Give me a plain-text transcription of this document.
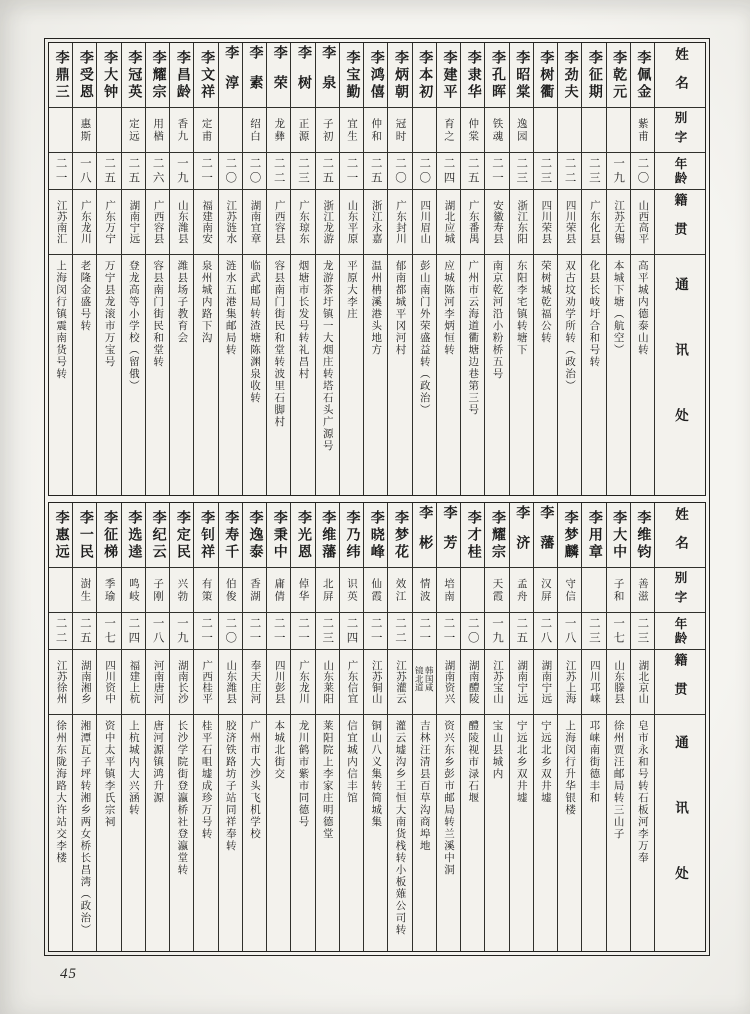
姓名
别字
年龄
籍贯
通讯处
李佩金
紫甫
二〇
山西高平
高平城内德泰山转
李乾元
一九
江苏无锡
本城下塘（航空）
李征期
二三
广东化县
化县长岐圩合和号转
李劲夫
二二
四川荣县
双古坟劝学所转（政治）
李树衢
二三
四川荣县
荣树城乾福公转
李昭棠
逸园
二三
浙江东阳
东阳李宅镇转塘下
李孔晖
铁魂
二一
安徽寿县
南京乾河沿小粉桥五号
李隶华
仲棠
二五
广东番禺
广州市云海道衢塘边巷第三号
李建平
育之
二四
湖北应城
应城陈河李炳恒转
李本初
二〇
四川眉山
彭山南门外荣盛益转（政治）
李炳朝
冠时
二〇
广东封川
郁南都城平冈河村
李鸿僖
仲和
二五
浙江永嘉
温州柟溪港头地方
李宝勤
宜生
二一
山东平原
平原大李庄
李泉
子初
二五
浙江龙游
龙游茶圩镇一大烟庄转塔石头广源号
李树
正源
二三
广东琼东
烟塘市长发号转礼昌村
李荣
龙彝
二二
广西容县
容县南门街民和堂转波里石脚村
李素
绍白
二〇
湖南宜章
临武邮局转渣塘陈渊泉收转
李淳
二〇
江苏涟水
涟水五港集邮局转
李文祥
定甫
二一
福建南安
泉州城内路下沟
李昌龄
香九
一九
山东潍县
潍县场子教育会
李耀宗
用楢
二六
广西容县
容县南门街民和堂转
李冠英
定远
二五
湖南宁远
登龙高等小学校（留俄）
李大钟
二五
广东万宁
万宁县龙滚市万宝号
李受恩
惠斯
一八
广东龙川
老隆金盛号转
李鼎三
二一
江苏南汇
上海闵行镇震南货号转
姓名
别字
年龄
籍贯
通讯处
李维钧
善滋
二三
湖北京山
皂市永和号转石板河李万奉
李大中
子和
一七
山东滕县
徐州贾汪邮局转三山子
李用章
二三
四川邛崃
邛崃南街德丰和
李梦麟
守信
一八
江苏上海
上海闵行升华银楼
李藩
汉屏
二八
湖南宁远
宁远北乡双井墟
李济
孟舟
二五
湖南宁远
宁远北乡双井墟
李耀宗
天霞
一九
江苏宝山
宝山县城内
李才桂
二〇
湖南醴陵
醴陵视市渌石堰
李芳
培南
二一
湖南资兴
资兴东乡彭市邮局转兰溪中洞
李彬
情波
二一
韩国咸镜北道
吉林汪清县百草沟商埠地
李梦花
效江
二二
江苏灌云
灌云墟沟乡王恒大南货栈转小板薙公司转
李晓峰
仙霞
二一
江苏铜山
铜山八义集转简城集
李乃纬
识英
二四
广东信宜
信宜城内信丰馆
李维藩
北屏
二三
山东莱阳
莱阳院上李家庄明德堂
李光恩
倬华
二一
广东龙川
龙川鹤市紫市同德号
李秉中
庸倩
二一
四川彭县
本城北街交
李逸泰
香湖
二一
奉天庄河
广州市大沙头飞机学校
李寿千
伯俊
二〇
山东潍县
胶济铁路坊子站同祥奉转
李钊祥
有策
二一
广西桂平
桂平石咀墟成珍万号转
李定民
兴勃
一九
湖南长沙
长沙学院街登瀛桥社登瀛堂转
李纪云
子刚
一八
河南唐河
唐河源镇鸿升源
李选逵
鸣岐
二四
福建上杭
上杭城内大兴涵转
李征梯
季瑜
一七
四川资中
资中太平镇李氏宗祠
李一民
澍生
二五
湖南湘乡
湘潭瓦子坪转湘乡两女桥长昌湾（政治）
李惠远
二二
江苏徐州
徐州东陇海路大许站交李楼
45
